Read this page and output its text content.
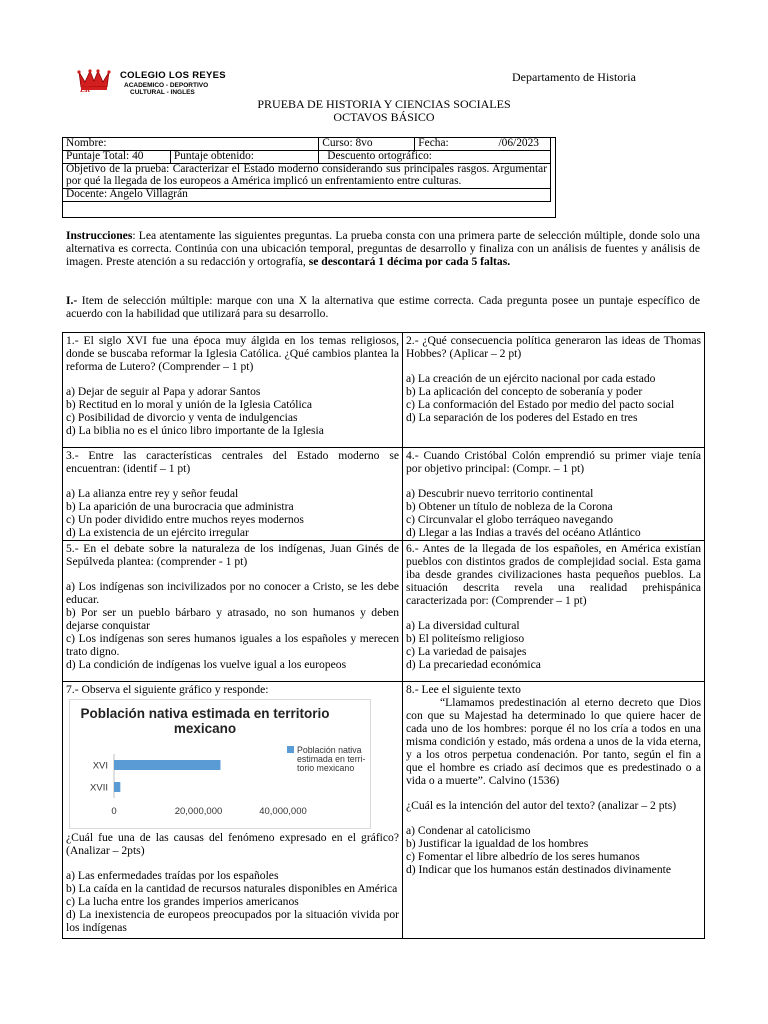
LR
COLEGIO LOS REYES
ACADEMICO - DEPORTIVO
CULTURAL - INGLES
Departamento de Historia
PRUEBA DE HISTORIA Y CIENCIAS SOCIALES
OCTAVOS BÁSICO
Nombre:		Curso: 8vo	Fecha: /06/2023

Puntaje Total: 40	Puntaje obtenido:	Descuento ortográfico:	
Objetivo de la prueba: Caracterizar el Estado moderno considerando sus principales rasgos. Argumentar por qué la llegada de los europeos a América implicó un enfrentamiento entre culturas.			
Docente: Angelo Villagrán			
Instrucciones: Lea atentamente las siguientes preguntas. La prueba consta con una primera parte de selección múltiple, donde solo una alternativa es correcta. Continúa con una ubicación temporal, preguntas de desarrollo y finaliza con un análisis de fuentes y análisis de imagen. Preste atención a su redacción y ortografía, se descontará 1 décima por cada 5 faltas.
I.- Item de selección múltiple: marque con una X la alternativa que estime correcta. Cada pregunta posee un puntaje específico de acuerdo con la habilidad que utilizará para su desarrollo.

1.- El siglo XVI fue una época muy álgida en los temas religiosos, donde se buscaba reformar la Iglesia Católica. ¿Qué cambios plantea la reforma de Lutero? (Comprender – 1 pt)

a) Dejar de seguir al Papa y adorar Santos

b) Rectitud en lo moral y unión de la Iglesia Católica

c) Posibilidad de divorcio y venta de indulgencias

d) La biblia no es el único libro importante de la Iglesia

2.- ¿Qué consecuencia política generaron las ideas de Thomas Hobbes? (Aplicar – 2 pt)

a) La creación de un ejército nacional por cada estado

b) La aplicación del concepto de soberanía y poder

c) La conformación del Estado por medio del pacto social

d) La separación de los poderes del Estado en tres

3.- Entre las características centrales del Estado moderno se encuentran: (identif – 1 pt)

a) La alianza entre rey y señor feudal

b) La aparición de una burocracia que administra

c) Un poder dividido entre muchos reyes modernos

d) La existencia de un ejército irregular

4.- Cuando Cristóbal Colón emprendió su primer viaje tenía por objetivo principal: (Compr. – 1 pt)

a) Descubrir nuevo territorio continental

b) Obtener un título de nobleza de la Corona

c) Circunvalar el globo terráqueo navegando

d) Llegar a las Indias a través del océano Atlántico

5.- En el debate sobre la naturaleza de los indígenas, Juan Ginés de Sepúlveda plantea: (comprender - 1 pt)

a) Los indígenas son incivilizados por no conocer a Cristo, se les debe educar.

b) Por ser un pueblo bárbaro y atrasado, no son humanos y deben dejarse conquistar

c) Los indígenas son seres humanos iguales a los españoles y merecen trato digno.

d) La condición de indígenas los vuelve igual a los europeos

6.- Antes de la llegada de los españoles, en América existían pueblos con distintos grados de complejidad social. Esta gama iba desde grandes civilizaciones hasta pequeños pueblos. La situación descrita revela una realidad prehispánica caracterizada por: (Comprender – 1 pt)

a) La diversidad cultural

b) El politeísmo religioso

c) La variedad de paisajes

d) La precariedad económica

7.- Observa el siguiente gráfico y responde:

Población nativa estimada en territorio mexicano
XVI
XVII
0	20,000,000	40,000,000
Población nativa
estimada en terri-
torio mexicano

¿Cuál fue una de las causas del fenómeno expresado en el gráfico? (Analizar – 2pts)

a) Las enfermedades traídas por los españoles

b) La caída en la cantidad de recursos naturales disponibles en América

c) La lucha entre los grandes imperios americanos

d) La inexistencia de europeos preocupados por la situación vivida por los indígenas

8.- Lee el siguiente texto

“Llamamos predestinación al eterno decreto que Dios con que su Majestad ha determinado lo que quiere hacer de cada uno de los hombres: porque él no los cría a todos en una misma condición y estado, más ordena a unos de la vida eterna, y a los otros perpetua condenación. Por tanto, según el fin a que el hombre es criado así decimos que es predestinado o a vida o a muerte”. Calvino (1536)

¿Cuál es la intención del autor del texto? (analizar – 2 pts)

a) Condenar al catolicismo

b) Justificar la igualdad de los hombres

c) Fomentar el libre albedrío de los seres humanos

d) Indicar que los humanos están destinados divinamente
